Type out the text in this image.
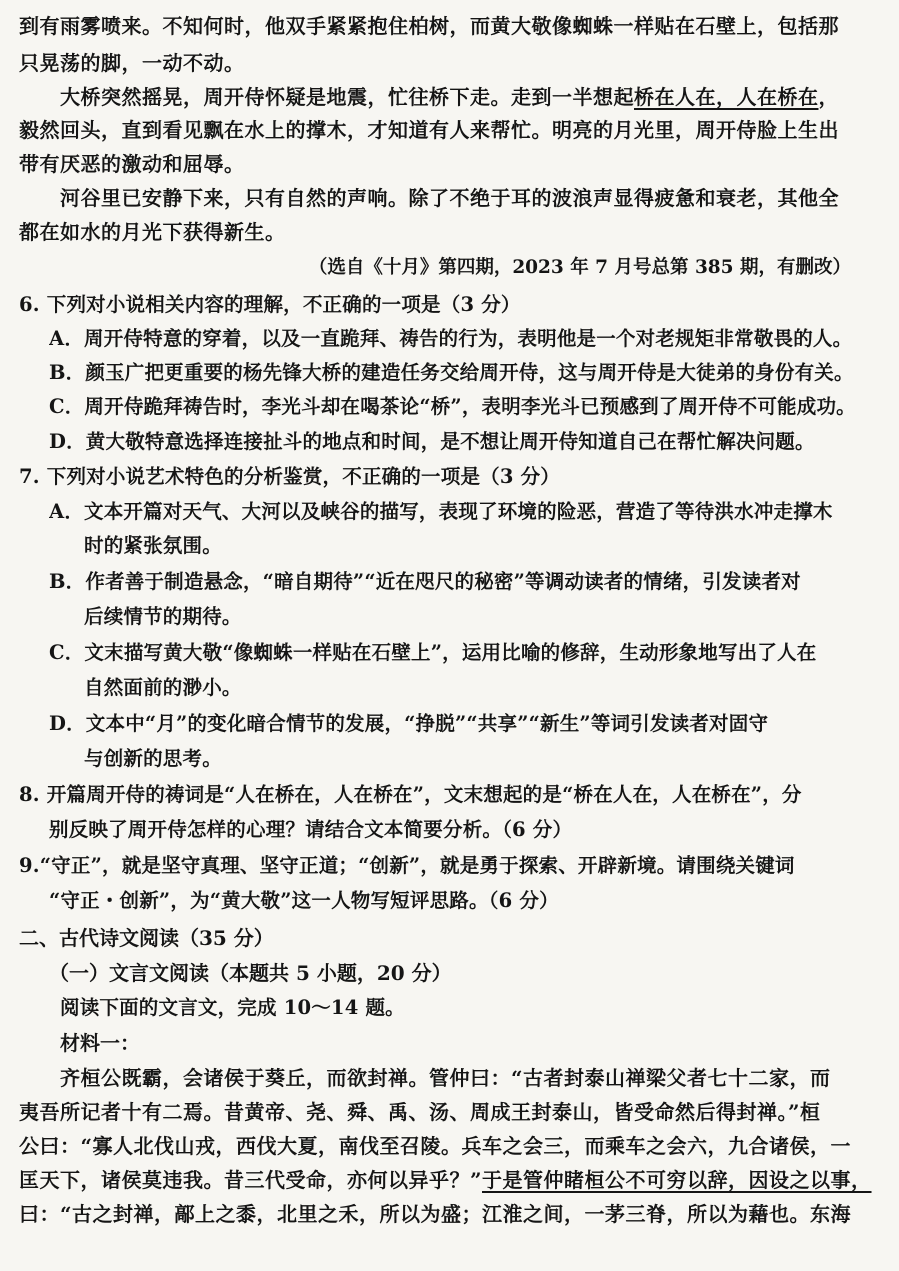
到有雨雾喷来。不知何时，他双手紧紧抱住柏树，而黄大敬像蜘蛛一样贴在石壁上，包括那
只晃荡的脚，一动不动。
大桥突然摇晃，周开侍怀疑是地震，忙往桥下走。走到一半想起桥在人在，人在桥在，
毅然回头，直到看见飘在水上的撑木，才知道有人来帮忙。明亮的月光里，周开侍脸上生出
带有厌恶的激动和屈辱。
河谷里已安静下来，只有自然的声响。除了不绝于耳的波浪声显得疲惫和衰老，其他全
都在如水的月光下获得新生。
（选自《十月》第四期，2023 年 7 月号总第 385 期，有删改）
6. 下列对小说相关内容的理解，不正确的一项是（3 分）
A．周开侍特意的穿着，以及一直跪拜、祷告的行为，表明他是一个对老规矩非常敬畏的人。
B．颜玉广把更重要的杨先锋大桥的建造任务交给周开侍，这与周开侍是大徒弟的身份有关。
C．周开侍跪拜祷告时，李光斗却在喝茶论“桥”，表明李光斗已预感到了周开侍不可能成功。
D．黄大敬特意选择连接扯斗的地点和时间，是不想让周开侍知道自己在帮忙解决问题。
7. 下列对小说艺术特色的分析鉴赏，不正确的一项是（3 分）
A．文本开篇对天气、大河以及峡谷的描写，表现了环境的险恶，营造了等待洪水冲走撑木
时的紧张氛围。
B．作者善于制造悬念，“暗自期待”“近在咫尺的秘密”等调动读者的情绪，引发读者对
后续情节的期待。
C．文末描写黄大敬“像蜘蛛一样贴在石壁上”，运用比喻的修辞，生动形象地写出了人在
自然面前的渺小。
D．文本中“月”的变化暗合情节的发展，“挣脱”“共享”“新生”等词引发读者对固守
与创新的思考。
8. 开篇周开侍的祷词是“人在桥在，人在桥在”，文末想起的是“桥在人在，人在桥在”，分
别反映了周开侍怎样的心理？请结合文本简要分析。（6 分）
9.“守正”，就是坚守真理、坚守正道；“创新”，就是勇于探索、开辟新境。请围绕关键词
“守正・创新”，为“黄大敬”这一人物写短评思路。（6 分）
二、古代诗文阅读（35 分）
（一）文言文阅读（本题共 5 小题，20 分）
阅读下面的文言文，完成 10～14 题。
材料一：
齐桓公既霸，会诸侯于葵丘，而欲封禅。管仲曰：“古者封泰山禅梁父者七十二家，而
夷吾所记者十有二焉。昔黄帝、尧、舜、禹、汤、周成王封泰山，皆受命然后得封禅。”桓
公曰：“寡人北伐山戎，西伐大夏，南伐至召陵。兵车之会三，而乘车之会六，九合诸侯，一
匡天下，诸侯莫违我。昔三代受命，亦何以异乎？”于是管仲睹桓公不可穷以辞，因设之以事，
曰：“古之封禅，鄗上之黍，北里之禾，所以为盛；江淮之间，一茅三脊，所以为藉也。东海
